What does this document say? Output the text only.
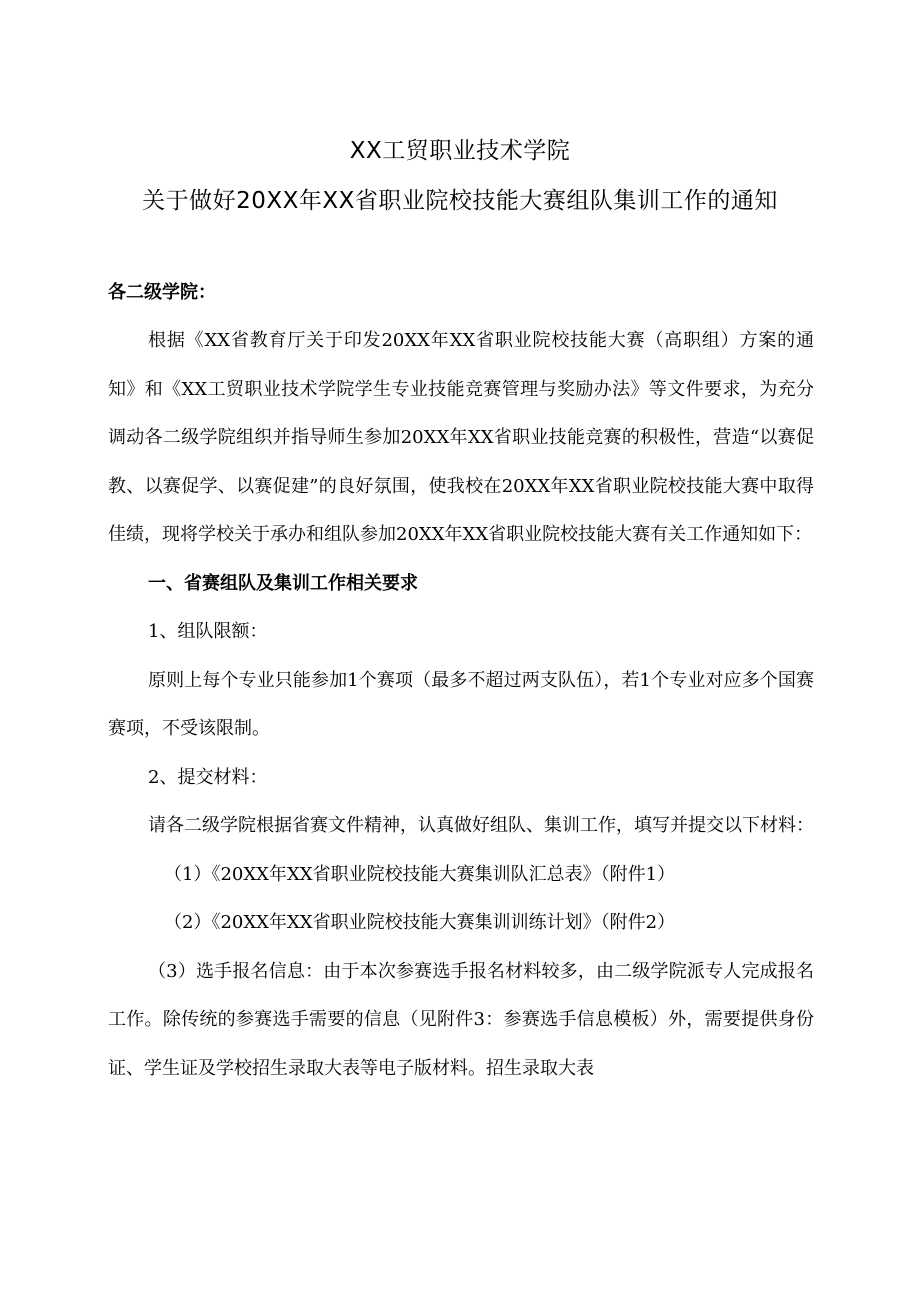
XX工贸职业技术学院
关于做好20XX年XX省职业院校技能大赛组队集训工作的通知
各二级学院：

根据《XX省教育厅关于印发20XX年XX省职业院校技能大赛（高职组）方案的通知》和《XX工贸职业技术学院学生专业技能竞赛管理与奖励办法》等文件要求，为充分调动各二级学院组织并指导师生参加20XX年XX省职业技能竞赛的积极性，营造“以赛促教、以赛促学、以赛促建”的良好氛围，使我校在20XX年XX省职业院校技能大赛中取得佳绩，现将学校关于承办和组队参加20XX年XX省职业院校技能大赛有关工作通知如下：

一、省赛组队及集训工作相关要求

1、组队限额：

原则上每个专业只能参加1个赛项（最多不超过两支队伍），若1个专业对应多个国赛赛项，不受该限制。

2、提交材料：

请各二级学院根据省赛文件精神，认真做好组队、集训工作，填写并提交以下材料：

（1）《20XX年XX省职业院校技能大赛集训队汇总表》（附件1）

（2）《20XX年XX省职业院校技能大赛集训训练计划》（附件2）

（3）选手报名信息：由于本次参赛选手报名材料较多，由二级学院派专人完成报名工作。除传统的参赛选手需要的信息（见附件3：参赛选手信息模板）外，需要提供身份证、学生证及学校招生录取大表等电子版材料。招生录取大表
